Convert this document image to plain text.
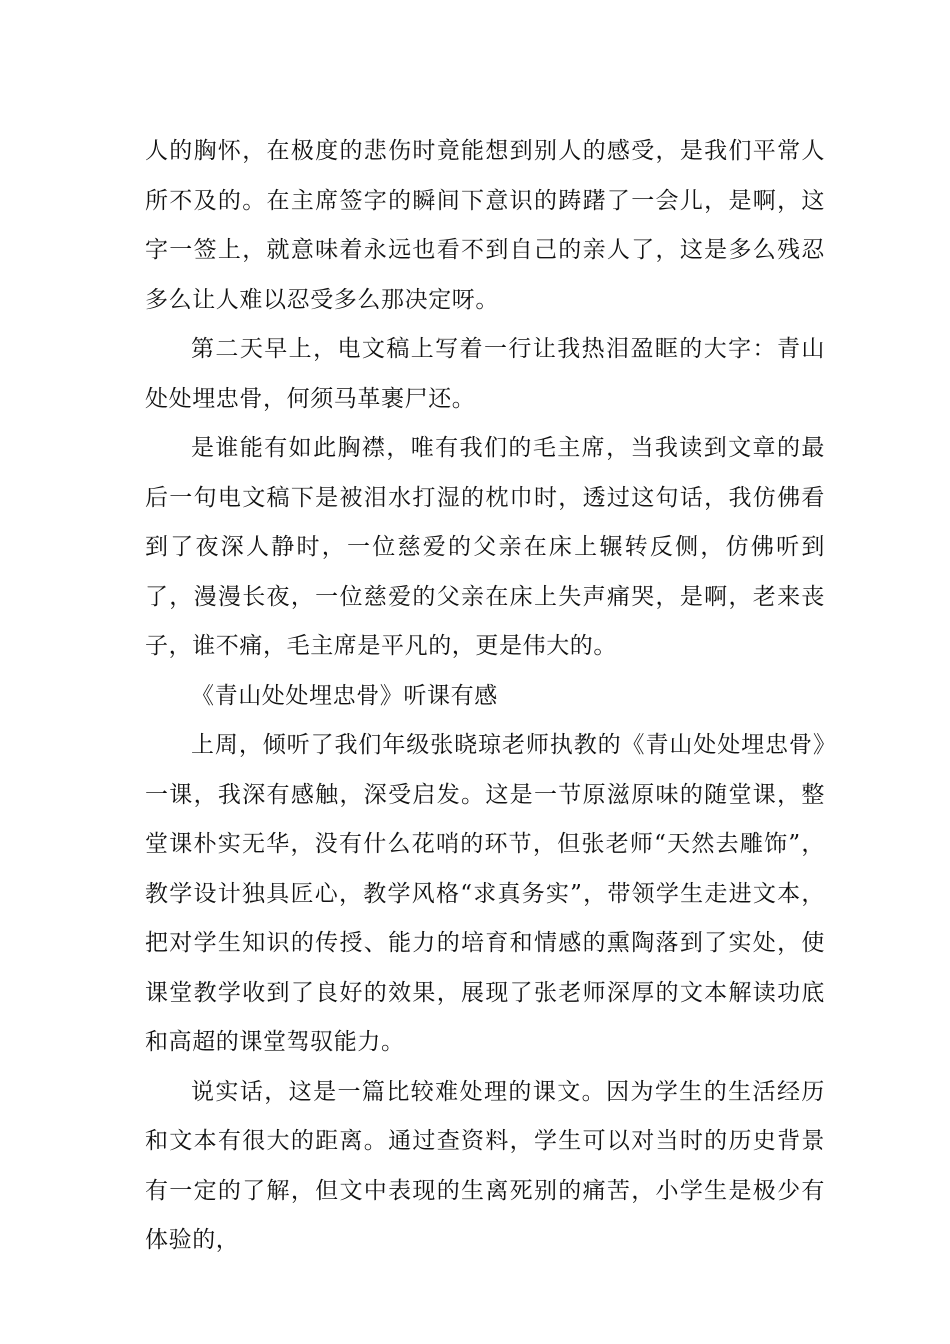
人的胸怀，在极度的悲伤时竟能想到别人的感受，是我们平常人所不及的。在主席签字的瞬间下意识的踌躇了一会儿，是啊，这字一签上，就意味着永远也看不到自己的亲人了，这是多么残忍多么让人难以忍受多么那决定呀。

第二天早上，电文稿上写着一行让我热泪盈眶的大字：青山处处埋忠骨，何须马革裹尸还。

是谁能有如此胸襟，唯有我们的毛主席，当我读到文章的最后一句电文稿下是被泪水打湿的枕巾时，透过这句话，我仿佛看到了夜深人静时，一位慈爱的父亲在床上辗转反侧，仿佛听到了，漫漫长夜，一位慈爱的父亲在床上失声痛哭，是啊，老来丧子，谁不痛，毛主席是平凡的，更是伟大的。

《青山处处埋忠骨》听课有感

上周，倾听了我们年级张晓琼老师执教的《青山处处埋忠骨》一课，我深有感触，深受启发。这是一节原滋原味的随堂课，整堂课朴实无华，没有什么花哨的环节，但张老师“天然去雕饰”，教学设计独具匠心，教学风格“求真务实”，带领学生走进文本，把对学生知识的传授、能力的培育和情感的熏陶落到了实处，使课堂教学收到了良好的效果，展现了张老师深厚的文本解读功底和高超的课堂驾驭能力。

说实话，这是一篇比较难处理的课文。因为学生的生活经历和文本有很大的距离。通过查资料，学生可以对当时的历史背景有一定的了解，但文中表现的生离死别的痛苦，小学生是极少有体验的，
